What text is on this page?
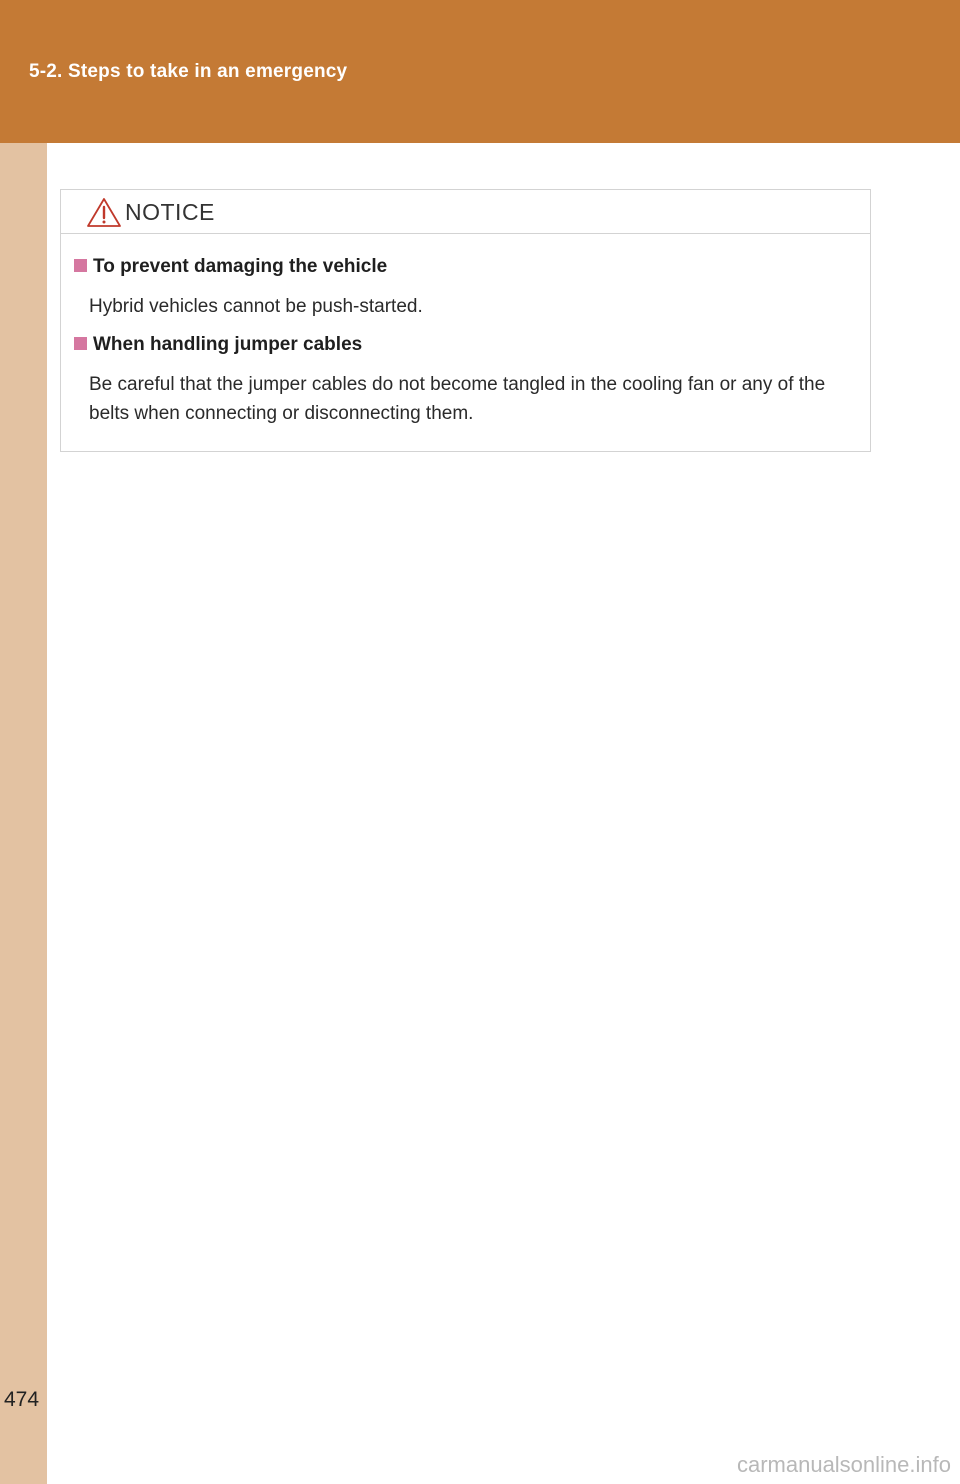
5-2. Steps to take in an emergency
NOTICE
To prevent damaging the vehicle
Hybrid vehicles cannot be push-started.
When handling jumper cables
Be careful that the jumper cables do not become tangled in the cooling fan or any of the belts when connecting or disconnecting them.
474
carmanualsonline.info
